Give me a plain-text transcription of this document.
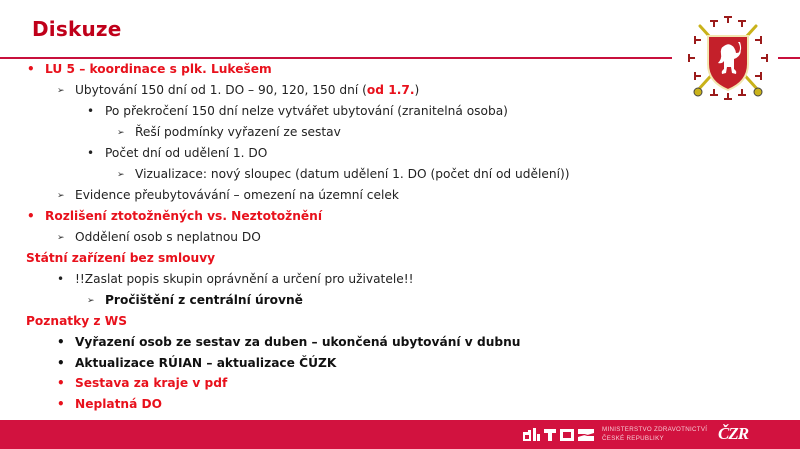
Diskuze
• LU 5 – koordinace s plk. Lukešem
➢ Ubytování 150 dní od 1. DO – 90, 120, 150 dní (od 1.7.)
• Po překročení 150 dní nelze vytvářet ubytování (zranitelná osoba)
➢ Řeší podmínky vyřazení ze sestav
• Počet dní od udělení 1. DO
➢ Vizualizace: nový sloupec (datum udělení 1. DO (počet dní od udělení))
➢ Evidence přeubytovávání – omezení na územní celek
• Rozlišení ztotožněných vs. Neztotožnění
➢ Oddělení osob s neplatnou DO
Státní zařízení bez smlouvy
• !!Zaslat popis skupin oprávnění a určení pro uživatele!!
➢ Pročištění z centrální úrovně
Poznatky z WS
• Vyřazení osob ze sestav za duben – ukončená ubytování v dubnu
• Aktualizace RÚIAN – aktualizace ČÚZK
• Sestava za kraje v pdf
• Neplatná DO
MINISTERSTVO ZDRAVOTNICTVÍ
ČESKÉ REPUBLIKY	ČZR
